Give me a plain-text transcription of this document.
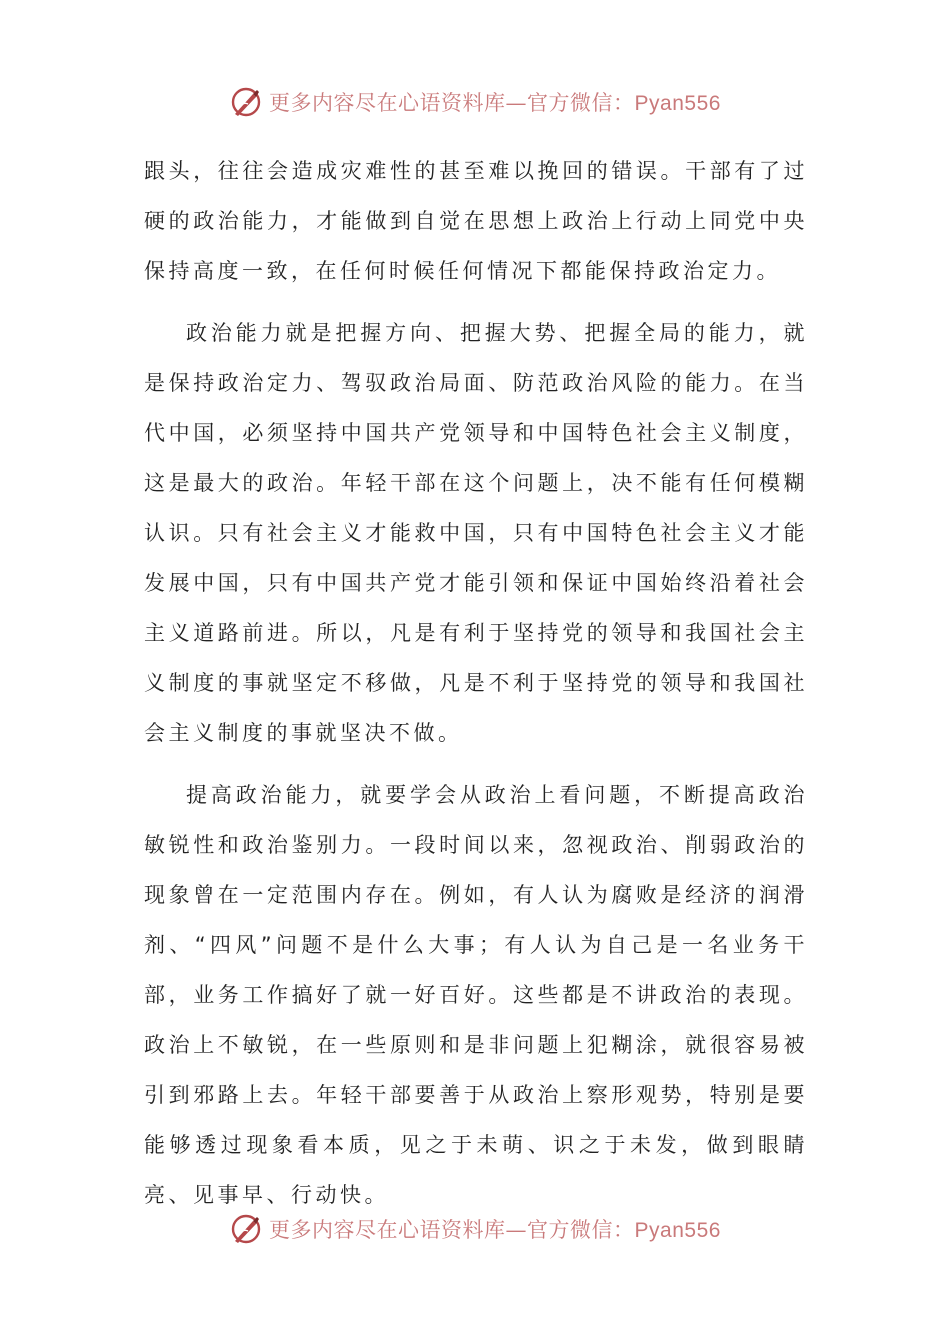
更多内容尽在心语资料库—官方微信：Pyan556

跟头，往往会造成灾难性的甚至难以挽回的错误。干部有了过硬的政治能力，才能做到自觉在思想上政治上行动上同党中央保持高度一致，在任何时候任何情况下都能保持政治定力。

政治能力就是把握方向、把握大势、把握全局的能力，就是保持政治定力、驾驭政治局面、防范政治风险的能力。在当代中国，必须坚持中国共产党领导和中国特色社会主义制度，这是最大的政治。年轻干部在这个问题上，决不能有任何模糊认识。只有社会主义才能救中国，只有中国特色社会主义才能发展中国，只有中国共产党才能引领和保证中国始终沿着社会主义道路前进。所以，凡是有利于坚持党的领导和我国社会主义制度的事就坚定不移做，凡是不利于坚持党的领导和我国社会主义制度的事就坚决不做。

提高政治能力，就要学会从政治上看问题，不断提高政治敏锐性和政治鉴别力。一段时间以来，忽视政治、削弱政治的现象曾在一定范围内存在。例如，有人认为腐败是经济的润滑剂、“四风”问题不是什么大事；有人认为自己是一名业务干部，业务工作搞好了就一好百好。这些都是不讲政治的表现。政治上不敏锐，在一些原则和是非问题上犯糊涂，就很容易被引到邪路上去。年轻干部要善于从政治上察形观势，特别是要能够透过现象看本质，见之于未萌、识之于未发，做到眼睛亮、见事早、行动快。

更多内容尽在心语资料库—官方微信：Pyan556
